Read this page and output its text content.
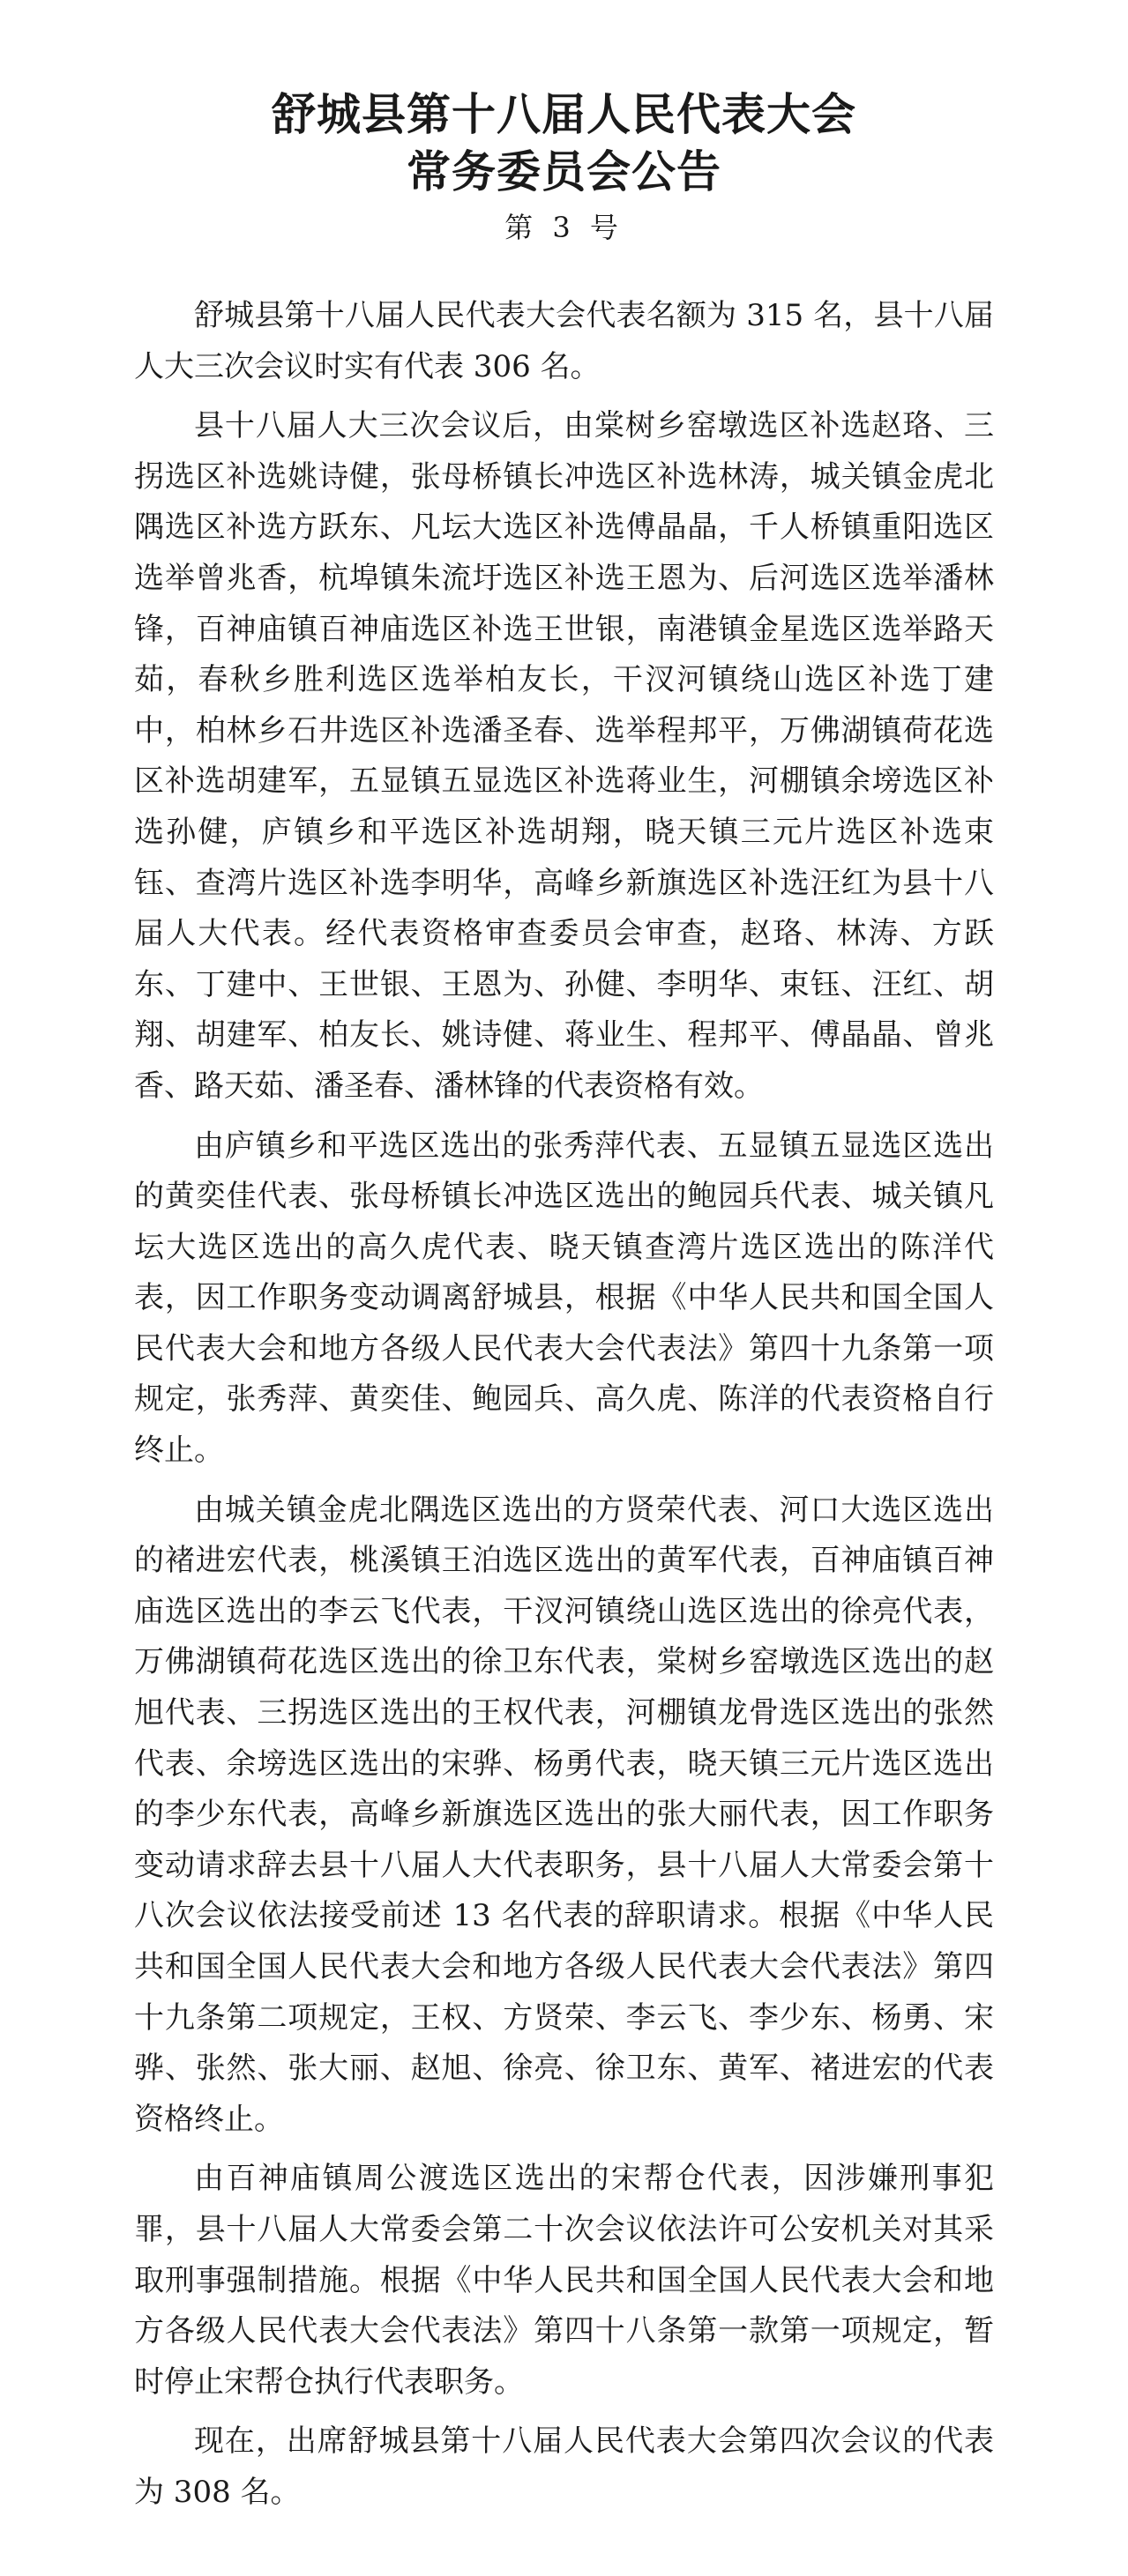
舒城县第十八届人民代表大会
常务委员会公告
第 3 号

舒城县第十八届人民代表大会代表名额为 315 名，县十八届人大三次会议时实有代表 306 名。

县十八届人大三次会议后，由棠树乡窑墩选区补选赵珞、三拐选区补选姚诗健，张母桥镇长冲选区补选林涛，城关镇金虎北隅选区补选方跃东、凡坛大选区补选傅晶晶，千人桥镇重阳选区选举曾兆香，杭埠镇朱流圩选区补选王恩为、后河选区选举潘林锋，百神庙镇百神庙选区补选王世银，南港镇金星选区选举路天茹，春秋乡胜利选区选举柏友长，干汊河镇绕山选区补选丁建中，柏林乡石井选区补选潘圣春、选举程邦平，万佛湖镇荷花选区补选胡建军，五显镇五显选区补选蒋业生，河棚镇余塝选区补选孙健，庐镇乡和平选区补选胡翔，晓天镇三元片选区补选束钰、查湾片选区补选李明华，高峰乡新旗选区补选汪红为县十八届人大代表。经代表资格审查委员会审查，赵珞、林涛、方跃东、丁建中、王世银、王恩为、孙健、李明华、束钰、汪红、胡翔、胡建军、柏友长、姚诗健、蒋业生、程邦平、傅晶晶、曾兆香、路天茹、潘圣春、潘林锋的代表资格有效。

由庐镇乡和平选区选出的张秀萍代表、五显镇五显选区选出的黄奕佳代表、张母桥镇长冲选区选出的鲍园兵代表、城关镇凡坛大选区选出的高久虎代表、晓天镇查湾片选区选出的陈洋代表，因工作职务变动调离舒城县，根据《中华人民共和国全国人民代表大会和地方各级人民代表大会代表法》第四十九条第一项规定，张秀萍、黄奕佳、鲍园兵、高久虎、陈洋的代表资格自行终止。

由城关镇金虎北隅选区选出的方贤荣代表、河口大选区选出的褚进宏代表，桃溪镇王泊选区选出的黄军代表，百神庙镇百神庙选区选出的李云飞代表，干汊河镇绕山选区选出的徐亮代表，万佛湖镇荷花选区选出的徐卫东代表，棠树乡窑墩选区选出的赵旭代表、三拐选区选出的王权代表，河棚镇龙骨选区选出的张然代表、余塝选区选出的宋骅、杨勇代表，晓天镇三元片选区选出的李少东代表，高峰乡新旗选区选出的张大丽代表，因工作职务变动请求辞去县十八届人大代表职务，县十八届人大常委会第十八次会议依法接受前述 13 名代表的辞职请求。根据《中华人民共和国全国人民代表大会和地方各级人民代表大会代表法》第四十九条第二项规定，王权、方贤荣、李云飞、李少东、杨勇、宋骅、张然、张大丽、赵旭、徐亮、徐卫东、黄军、褚进宏的代表资格终止。

由百神庙镇周公渡选区选出的宋帮仓代表，因涉嫌刑事犯罪，县十八届人大常委会第二十次会议依法许可公安机关对其采取刑事强制措施。根据《中华人民共和国全国人民代表大会和地方各级人民代表大会代表法》第四十八条第一款第一项规定，暂时停止宋帮仓执行代表职务。

现在，出席舒城县第十八届人民代表大会第四次会议的代表为 308 名。
